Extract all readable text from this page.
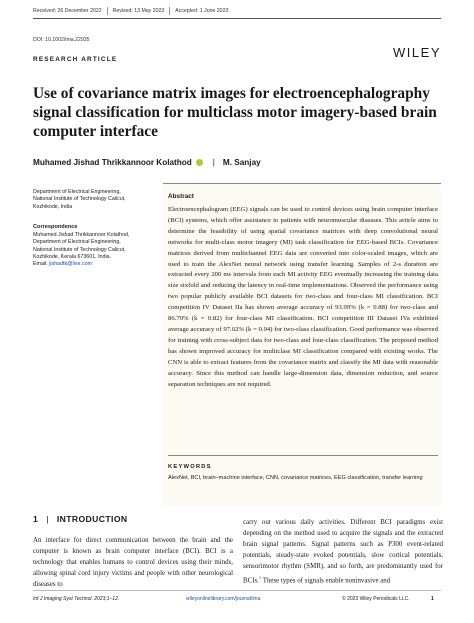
Received: 26 December 2022	Revised: 13 May 2023	Accepted: 1 June 2023
DOI: 10.1002/ima.22935
RESEARCH ARTICLE	WILEY
Use of covariance matrix images for electroencephalography signal classification for multiclass motor imagery-based brain computer interface
Muhamed Jishad Thrikkannoor Kolathod	| M. Sanjay
Department of Electrical Engineering,
National Institute of Technology Calicut,
Kozhikode, India
Correspondence
Muhamed Jishad Thrikkannoor Kolathod,
Department of Electrical Engineering,
National Institute of Technology Calicut,
Kozhikode, Kerala 673601, India.
Email: jishadtk@live.com
Abstract
Electroencephalogram (EEG) signals can be used to control devices using brain computer interface (BCI) systems, which offer assistance to patients with neuromuscular diseases. This article aims to determine the feasibility of using spatial covariance matrices with deep convolutional neural networks for multi-class motor imagery (MI) task classification for EEG-based BCIs. Covariance matrices derived from multichannel EEG data are converted into color-scaled images, which are used to train the AlexNet neural network using transfer learning. Samples of 2-s duration are extracted every 200 ms intervals from each MI activity EEG eventually increasing the training data size sixfold and reducing the latency in real-time implementations. Observed the performance using two popular publicly available BCI datasets for two-class and four-class MI classification. BCI competition IV Dataset IIa has shown average accuracy of 93.99% (k = 0.88) for two-class and 86.70% (k = 0.82) for four-class MI classification. BCI competition III Dataset IVa exhibited average accuracy of 97.02% (k = 0.94) for two-class classification. Good performance was observed for training with cross-subject data for two-class and four-class classification. The proposed method has shown improved accuracy for multiclass MI classification compared with existing works. The CNN is able to extract features from the covariance matrix and classify the MI data with reasonable accuracy. Since this method can handle large-dimension data, dimension reduction, and source separation techniques are not required.
KEYWORDS
AlexNet, BCI, brain–machine interface, CNN, covariance matrices, EEG classification, transfer learning
1 | INTRODUCTION
An interface for direct communication between the brain and the computer is known as brain computer interface (BCI). BCI is a technology that enables humans to control devices using their minds, allowing spinal cord injury victims and people with other neurological diseases to
carry out various daily activities. Different BCI paradigms exist depending on the method used to acquire the signals and the extracted brain signal patterns. Signal patterns such as P300 event-related potentials, steady-state evoked potentials, slow cortical potentials, sensorimotor rhythm (SMR), and so forth, are predominantly used for BCIs.$^1$ These types of signals enable noninvasive and
Int J Imaging Syst Technol. 2023;1–12.	wileyonlinelibrary.com/journal/ima	© 2023 Wiley Periodicals LLC.	1
